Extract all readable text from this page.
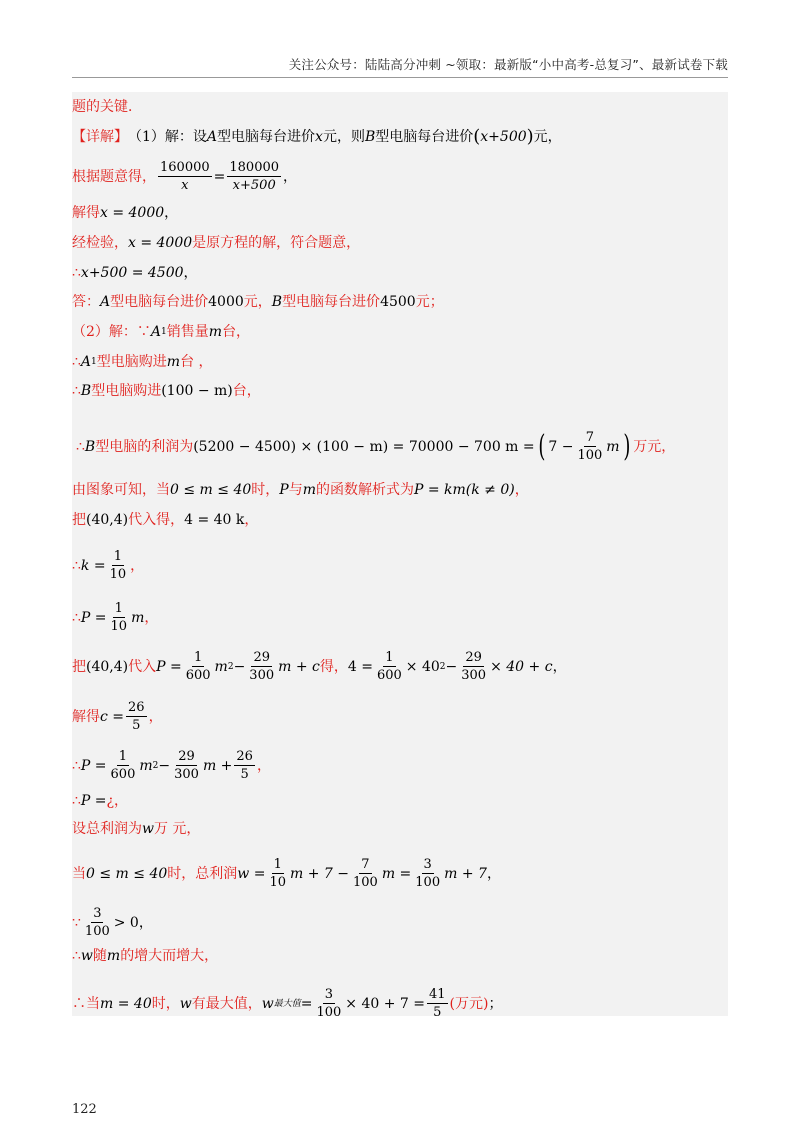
关注公众号：陆陆高分冲刺 ~领取：最新版“小中高考-总复习”、最新试卷下载
题的关键．
【详解】 （1）解：设 A 型电脑每台进价 x 元，则 B 型电脑每台进价 ( x+500 ) 元，
根据题意得， $\frac{160000}{x} = \frac{180000}{x+500}$ ，
解得 x = 4000 ，
经检验， x = 4000 是原方程的解，符合题意，
∴ x+500 = 4500 ，
答： A 型电脑每台进价 4000 元， B 型电脑每台进价 4500 元；
（2）解：∵ A 1 销售量 m 台，
∴ A 1 型电脑购进 m 台 ，
∴ B 型电脑购进 (100 − m) 台，
∴ B 型电脑的利润为 (5200 − 4500) × (100 − m) = 70000 − 700 m = ( $7 - \frac{7}{100}$ m ) 万元，
由图象可知，当 0 ≤ m ≤ 40 时， P 与 m 的函数解析式为 P = km(k ≠ 0) ，
把 (40,4) 代入得， 4 = 40 k ，
∴ $k = \frac{1}{10}$ ，
∴ $P = \frac{1}{10}$ m ，
把 (40,4) 代入 $P = \frac{1}{600}$ m $2 - \frac{29}{300}$ m + c 得， $4 = \frac{1}{600} \times 40$ $2 - \frac{29}{300} \times 40 + c$ ，
解得 $c = \frac{26}{5}$ ，
∴ $P = \frac{1}{600}$ m $2 - \frac{29}{300}$ $m + \frac{26}{5}$ ，
∴ P = ¿ ，
设总利润为 w 万 元，
当 0 ≤ m ≤ 40 时，总利润 $w = \frac{1}{10}$ $m + 7 - \frac{7}{100}$ $m = \frac{3}{100}$ m + 7 ，
∵ $\frac{3}{100} > 0$ ，
∴ w 随 m 的增大而增大，
∴当 m = 40 时， w 有最大值， w 最大值 = $\frac{3}{100} \times 40 + 7 = \frac{41}{5}$ (万元) ；
122
